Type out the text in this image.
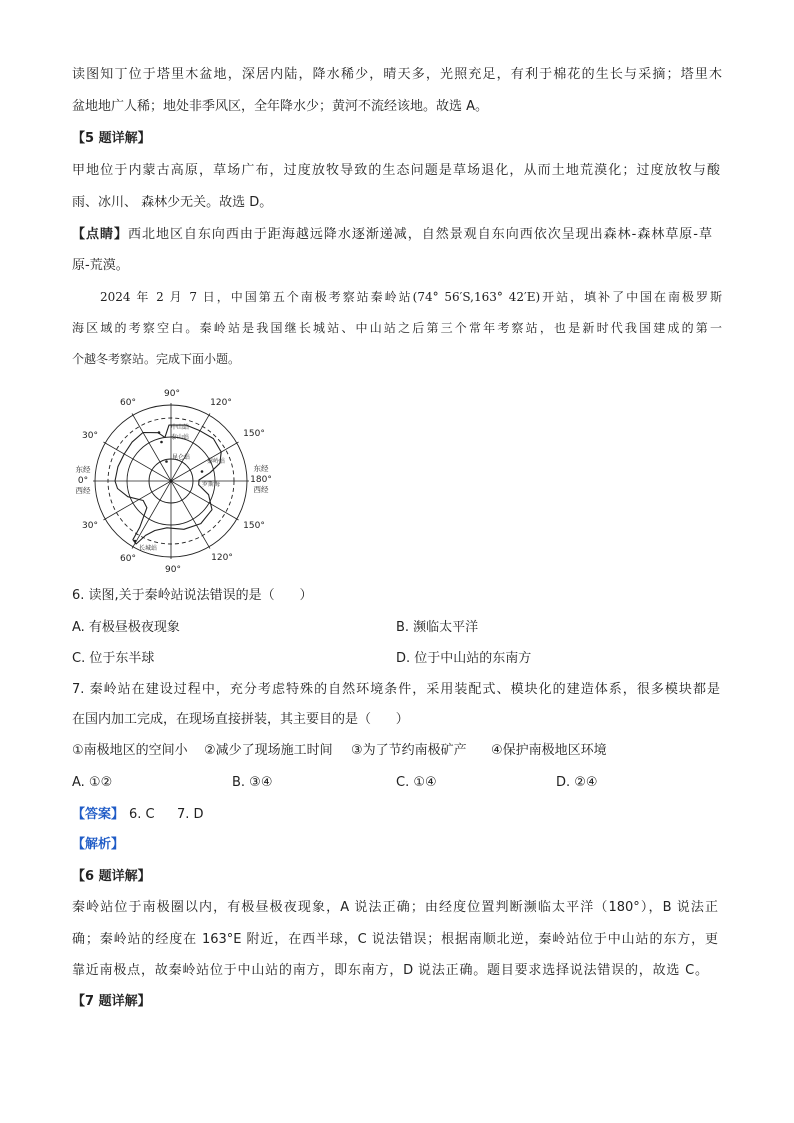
读图知丁位于塔里木盆地，深居内陆，降水稀少，晴天多，光照充足，有利于棉花的生长与采摘；塔里木
盆地地广人稀；地处非季风区，全年降水少；黄河不流经该地。故选 A。
【5 题详解】
甲地位于内蒙古高原，草场广布，过度放牧导致的生态问题是草场退化，从而土地荒漠化；过度放牧与酸
雨、冰川、 森林少无关。故选 D。
【点睛】西北地区自东向西由于距海越远降水逐渐递减，自然景观自东向西依次呈现出森林-森林草原-草
原-荒漠。
2024 年 2 月 7 日，中国第五个南极考察站秦岭站(74° 56′S,163° 42′E)开站，填补了中国在南极罗斯
海区域的考察空白。秦岭站是我国继长城站、中山站之后第三个常年考察站，也是新时代我国建成的第一
个越冬考察站。完成下面小题。
90°
60°	120°
30°	150°
东经
0°
西经
东经
180°
西经
30°	150°
60°
90°
120°
中山站
泰山站
昆仑站
秦岭站
罗斯海
长城站
6. 读图,关于秦岭站说法错误的是（      ）
A. 有极昼极夜现象	B. 濒临太平洋
C. 位于东半球	D. 位于中山站的东南方
7. 秦岭站在建设过程中，充分考虑特殊的自然环境条件，采用装配式、模块化的建造体系，很多模块都是
在国内加工完成，在现场直接拼装，其主要目的是（      ）
①南极地区的空间小 ②减少了现场施工时间 ③为了节约南极矿产 ④保护南极地区环境
A. ①②	B. ③④	C. ①④	D. ②④
【答案】 6. C 7. D
【解析】
【6 题详解】
秦岭站位于南极圈以内，有极昼极夜现象，A 说法正确；由经度位置判断濒临太平洋（180°），B 说法正
确；秦岭站的经度在 163°E 附近，在西半球，C 说法错误；根据南顺北逆，秦岭站位于中山站的东方，更
靠近南极点，故秦岭站位于中山站的南方，即东南方，D 说法正确。题目要求选择说法错误的，故选 C。
【7 题详解】
